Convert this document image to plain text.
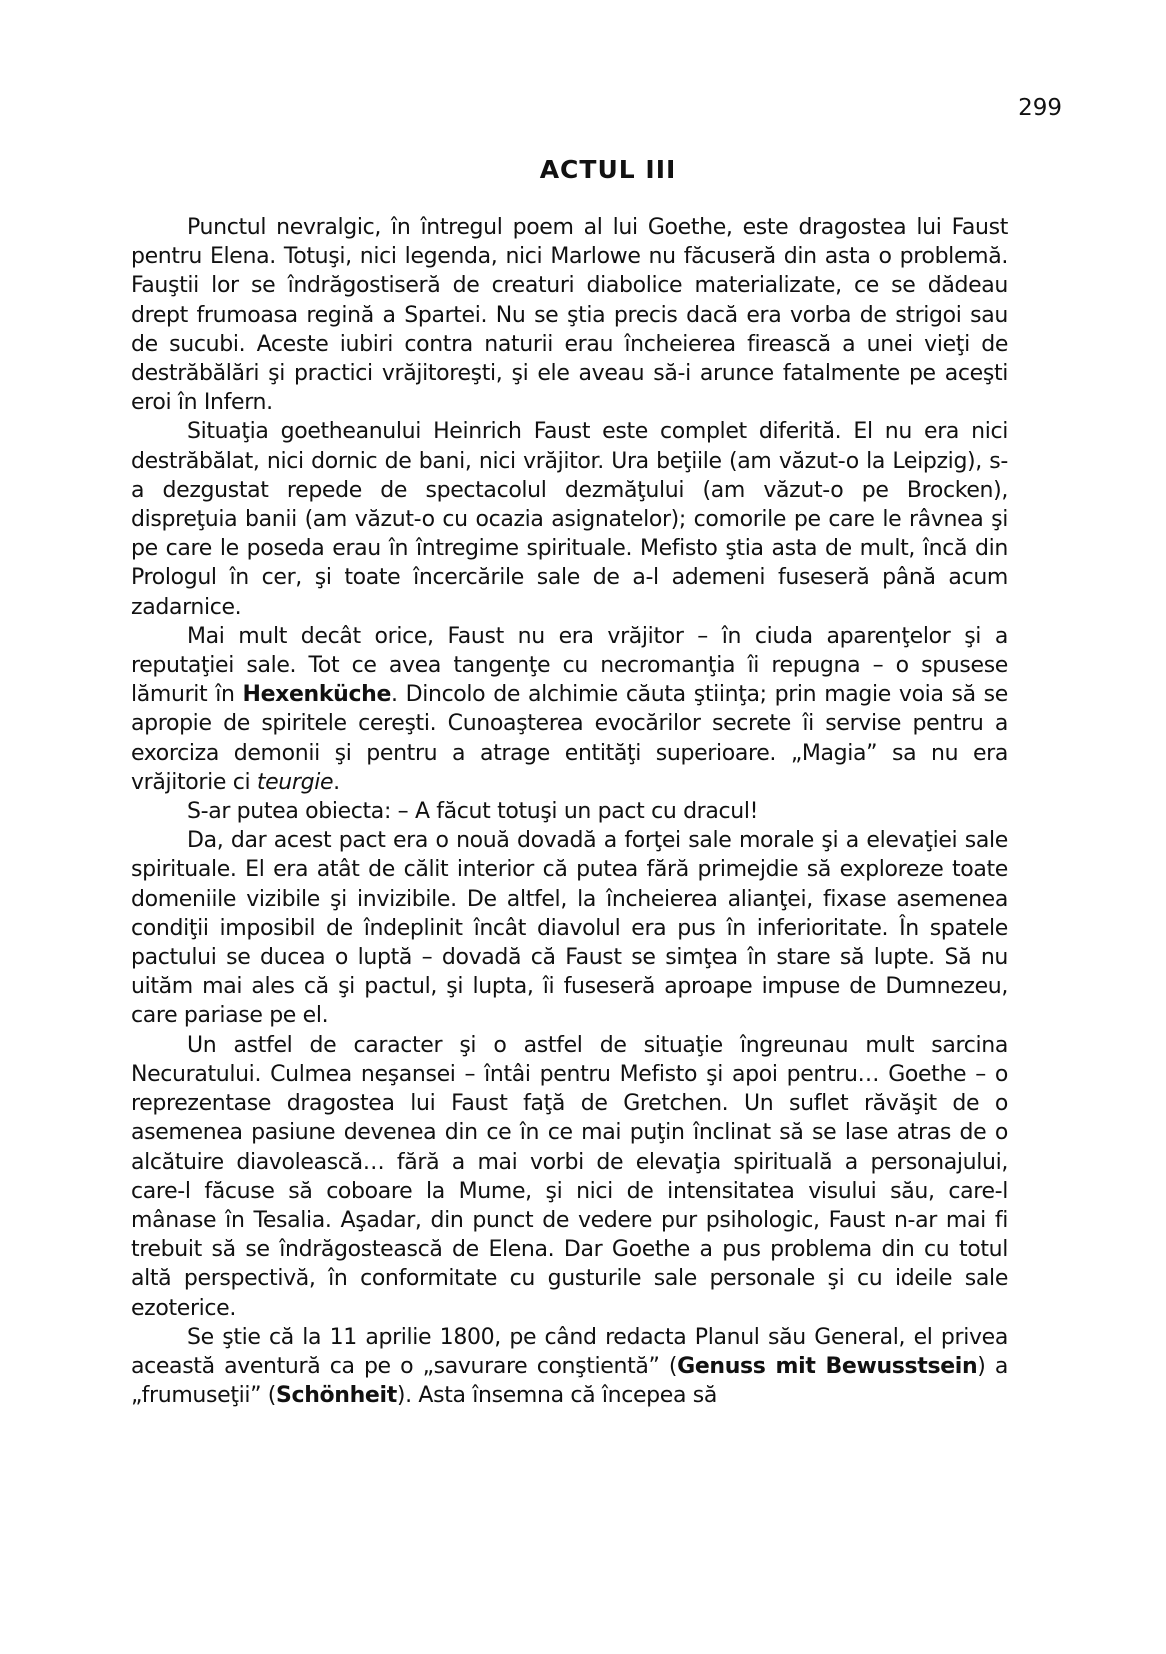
299
ACTUL III

Punctul nevralgic, în întregul poem al lui Goethe, este dragostea lui Faust pentru Elena. Totuşi, nici legenda, nici Marlowe nu făcuseră din asta o problemă. Fauştii lor se îndrăgostiseră de creaturi diabolice materializate, ce se dădeau drept frumoasa regină a Spartei. Nu se ştia precis dacă era vorba de strigoi sau de sucubi. Aceste iubiri contra naturii erau încheierea firească a unei vieţi de destrăbălări şi practici vrăjitoreşti, şi ele aveau să-i arunce fatalmente pe aceşti eroi în Infern.

Situaţia goetheanului Heinrich Faust este complet diferită. El nu era nici destrăbălat, nici dornic de bani, nici vrăjitor. Ura beţiile (am văzut-o la Leipzig), s-a dezgustat repede de spectacolul dezmăţului (am văzut-o pe Brocken), dispreţuia banii (am văzut-o cu ocazia asignatelor); comorile pe care le râvnea şi pe care le poseda erau în întregime spirituale. Mefisto ştia asta de mult, încă din Prologul în cer, şi toate încercările sale de a-l ademeni fuseseră până acum zadarnice.

Mai mult decât orice, Faust nu era vrăjitor – în ciuda aparenţelor şi a reputaţiei sale. Tot ce avea tangenţe cu necromanţia îi repugna – o spusese lămurit în Hexenküche. Dincolo de alchimie căuta ştiinţa; prin magie voia să se apropie de spiritele cereşti. Cunoaşterea evocărilor secrete îi servise pentru a exorciza demonii şi pentru a atrage entităţi superioare. „Magia” sa nu era vrăjitorie ci teurgie.

S-ar putea obiecta: – A făcut totuşi un pact cu dracul!

Da, dar acest pact era o nouă dovadă a forţei sale morale şi a elevaţiei sale spirituale. El era atât de călit interior că putea fără primejdie să exploreze toate domeniile vizibile şi invizibile. De altfel, la încheierea alianţei, fixase asemenea condiţii imposibil de îndeplinit încât diavolul era pus în inferioritate. În spatele pactului se ducea o luptă – dovadă că Faust se simţea în stare să lupte. Să nu uităm mai ales că şi pactul, şi lupta, îi fuseseră aproape impuse de Dumnezeu, care pariase pe el.

Un astfel de caracter şi o astfel de situaţie îngreunau mult sarcina Necuratului. Culmea neşansei – întâi pentru Mefisto şi apoi pentru… Goethe – o reprezentase dragostea lui Faust faţă de Gretchen. Un suflet răvăşit de o asemenea pasiune devenea din ce în ce mai puţin înclinat să se lase atras de o alcătuire diavolească… fără a mai vorbi de elevaţia spirituală a personajului, care-l făcuse să coboare la Mume, şi nici de intensitatea visului său, care-l mânase în Tesalia. Aşadar, din punct de vedere pur psihologic, Faust n-ar mai fi trebuit să se îndrăgostească de Elena. Dar Goethe a pus problema din cu totul altă perspectivă, în conformitate cu gusturile sale personale şi cu ideile sale ezoterice.

Se ştie că la 11 aprilie 1800, pe când redacta Planul său General, el privea această aventură ca pe o „savurare conştientă” (Genuss mit Bewusstsein) a „frumuseţii” (Schönheit). Asta însemna că începea să
